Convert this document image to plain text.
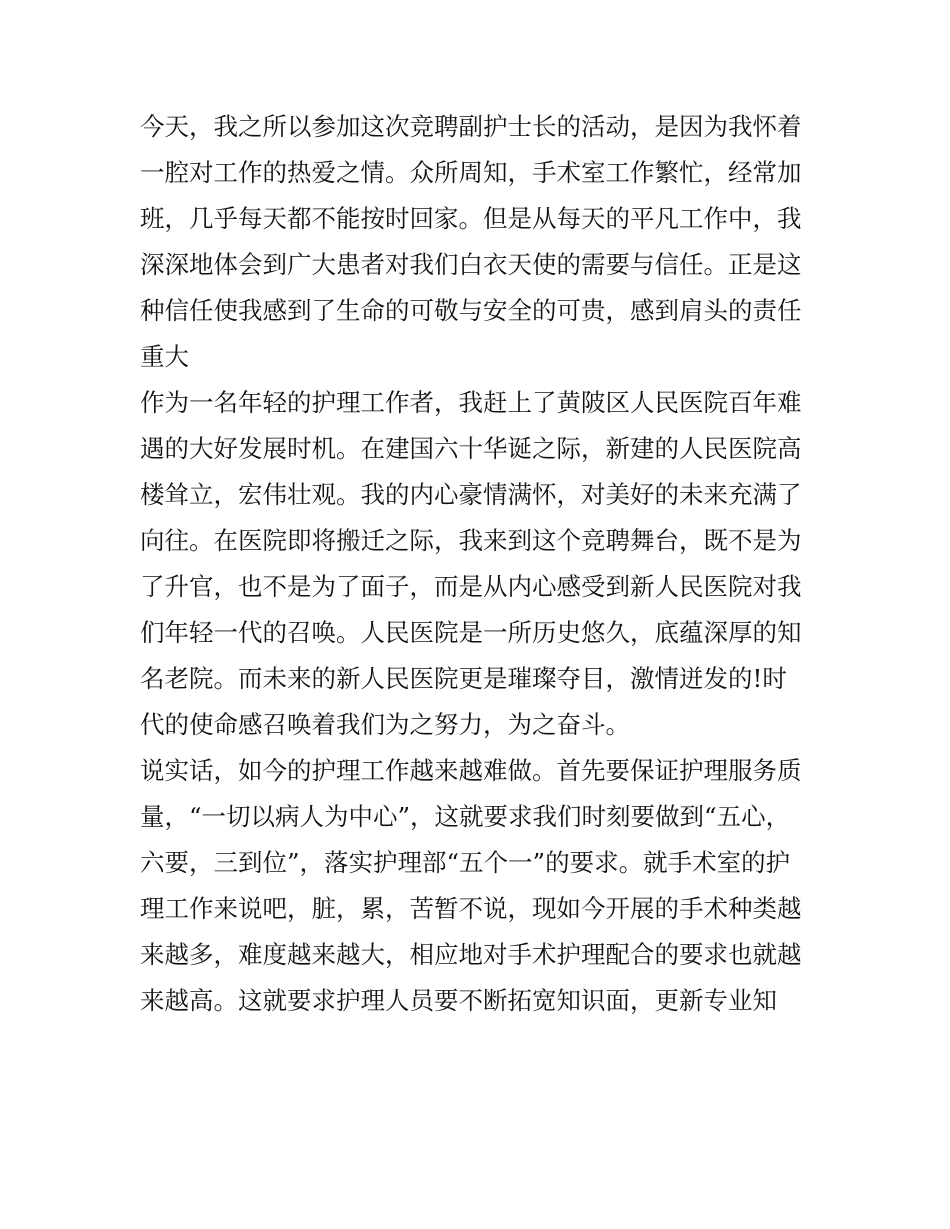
今天，我之所以参加这次竞聘副护士长的活动，是因为我怀着
一腔对工作的热爱之情。众所周知，手术室工作繁忙，经常加
班，几乎每天都不能按时回家。但是从每天的平凡工作中，我
深深地体会到广大患者对我们白衣天使的需要与信任。正是这
种信任使我感到了生命的可敬与安全的可贵，感到肩头的责任
重大
作为一名年轻的护理工作者，我赶上了黄陂区人民医院百年难
遇的大好发展时机。在建国六十华诞之际，新建的人民医院高
楼耸立，宏伟壮观。我的内心豪情满怀，对美好的未来充满了
向往。在医院即将搬迁之际，我来到这个竞聘舞台，既不是为
了升官，也不是为了面子，而是从内心感受到新人民医院对我
们年轻一代的召唤。人民医院是一所历史悠久，底蕴深厚的知
名老院。而未来的新人民医院更是璀璨夺目，激情迸发的!时
代的使命感召唤着我们为之努力，为之奋斗。
说实话，如今的护理工作越来越难做。首先要保证护理服务质
量，“一切以病人为中心”，这就要求我们时刻要做到“五心，
六要，三到位”，落实护理部“五个一”的要求。就手术室的护
理工作来说吧，脏，累，苦暂不说，现如今开展的手术种类越
来越多，难度越来越大，相应地对手术护理配合的要求也就越
来越高。这就要求护理人员要不断拓宽知识面，更新专业知
